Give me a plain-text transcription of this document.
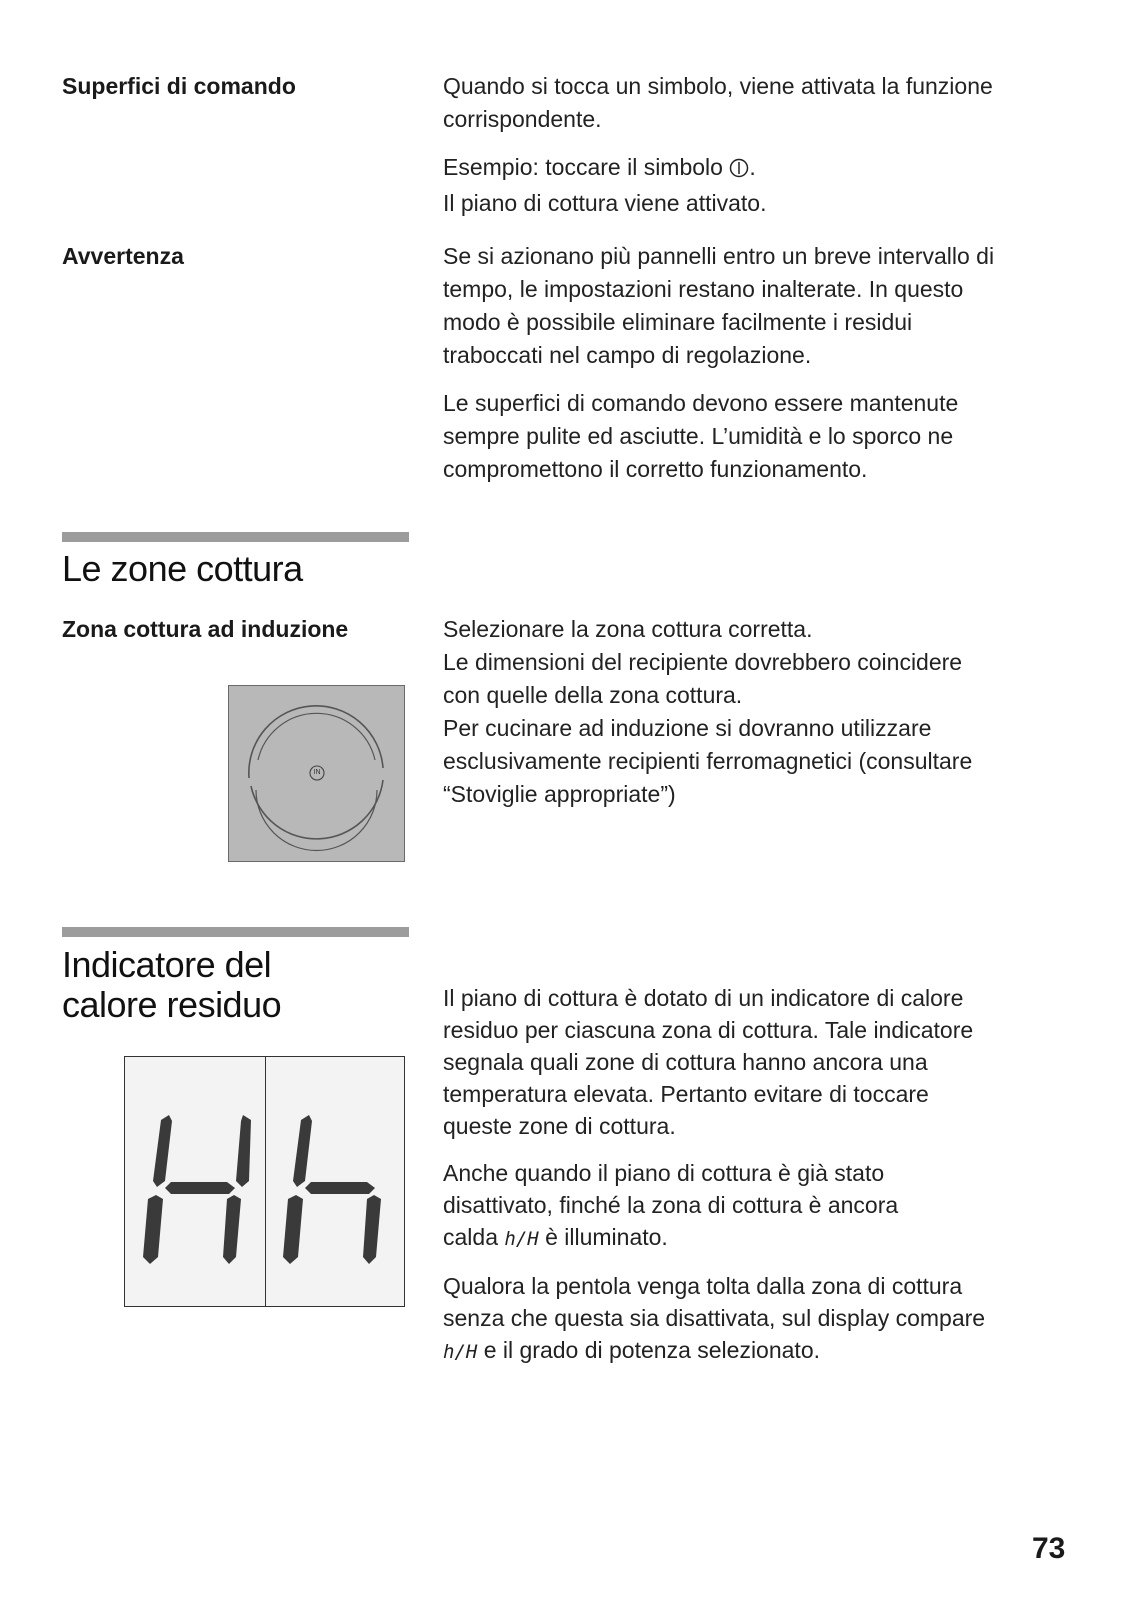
Superfici di comando	Quando si tocca un simbolo, viene attivata la funzione
corrispondente.
Esempio: toccare il simbolo .
Il piano di cottura viene attivato.
Avvertenza	Se si azionano più pannelli entro un breve intervallo di
tempo, le impostazioni restano inalterate. In questo
modo è possibile eliminare facilmente i residui
traboccati nel campo di regolazione.
Le superfici di comando devono essere mantenute
sempre pulite ed asciutte. L’umidità e lo sporco ne
compromettono il corretto funzionamento.
Le zone cottura
Zona cottura ad induzione	Selezionare la zona cottura corretta.
Le dimensioni del recipiente dovrebbero coincidere
con quelle della zona cottura.
Per cucinare ad induzione si dovranno utilizzare
esclusivamente recipienti ferromagnetici (consultare
“Stoviglie appropriate”)
IN
Indicatore del
calore residuo	Il piano di cottura è dotato di un indicatore di calore
residuo per ciascuna zona di cottura. Tale indicatore
segnala quali zone di cottura hanno ancora una
temperatura elevata. Pertanto evitare di toccare
queste zone di cottura.
Anche quando il piano di cottura è già stato
disattivato, finché la zona di cottura è ancora
calda h/H è illuminato.
Qualora la pentola venga tolta dalla zona di cottura
senza che questa sia disattivata, sul display compare
h/H e il grado di potenza selezionato.
73
